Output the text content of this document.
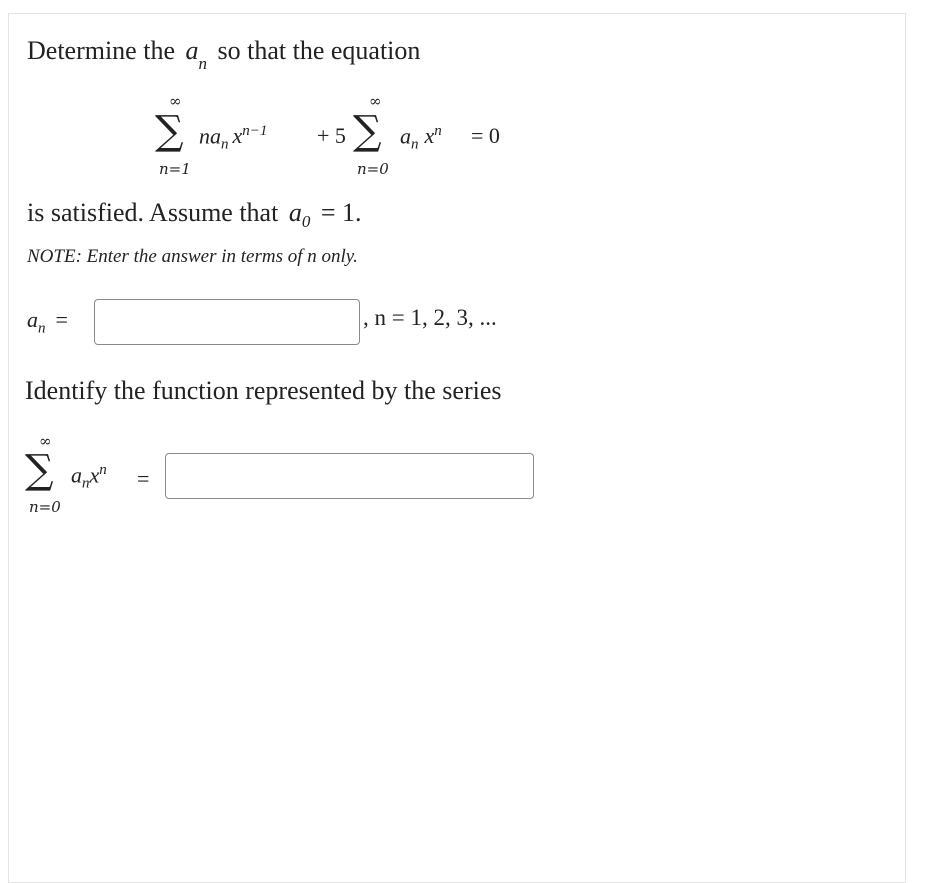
Determine the $a_n$ so that the equation
∞
∑
n=1
$na_n$ $x^{n-1} + 5$
∞
∑
n=0
$a_n$ $x^n = 0$
is satisfied. Assume that $a_0 = 1$.
NOTE: Enter the answer in terms of n only.
$a_n$ =	, n = 1, 2, 3, ...
Identify the function represented by the series
∞
∑
n=0
$a_nx^n$ =
